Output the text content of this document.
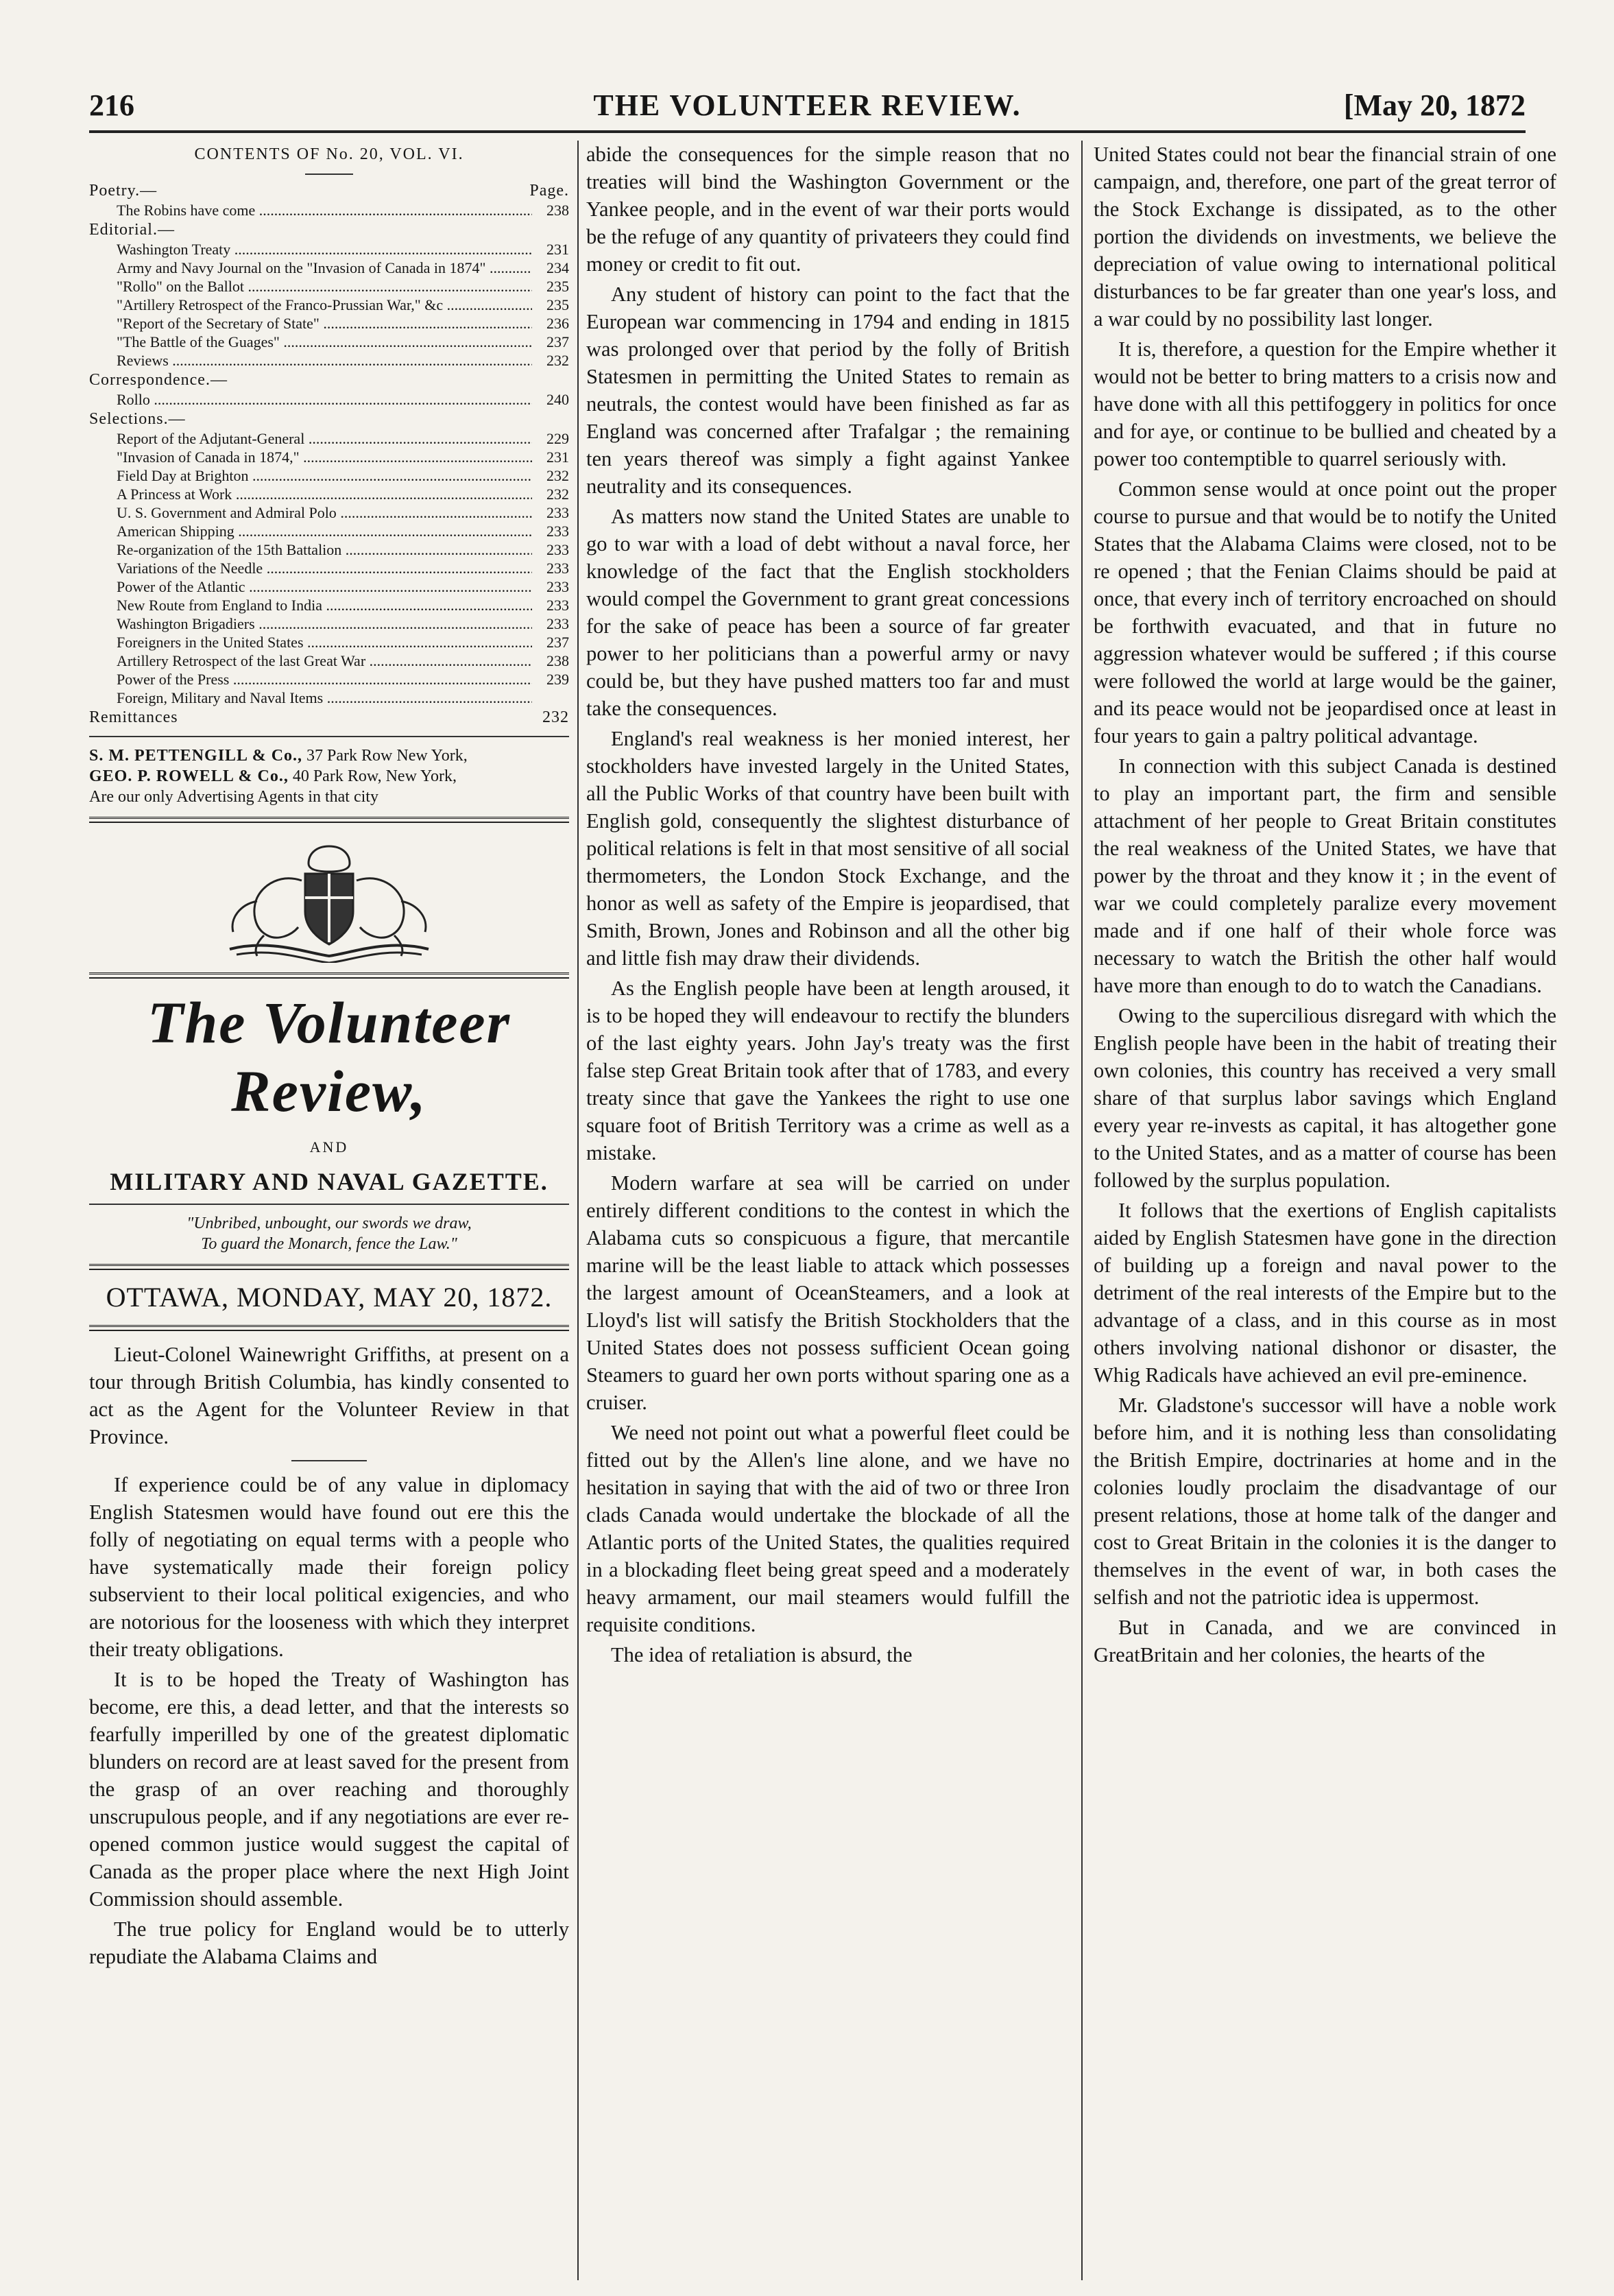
216	THE VOLUNTEER REVIEW.	[May 20, 1872
CONTENTS OF No. 20, VOL. VI.
Poetry.—	Page.
The Robins have come .....	238
Editorial.—
Washington Treaty .....	231
Army and Navy Journal on the "Invasion of Canada in 1874" .....	234
"Rollo" on the Ballot .....	235
"Artillery Retrospect of the Franco-Prussian War," &c .....	235
"Report of the Secretary of State" .....	236
"The Battle of the Guages" .....	237
Reviews .....	232
Correspondence.—
Rollo .....	240
Selections.—
Report of the Adjutant-General .....	229
"Invasion of Canada in 1874," .....	231
Field Day at Brighton .....	232
A Princess at Work .....	232
U. S. Government and Admiral Polo .....	233
American Shipping .....	233
Re-organization of the 15th Battalion .....	233
Variations of the Needle .....	233
Power of the Atlantic .....	233
New Route from England to India .....	233
Washington Brigadiers .....	233
Foreigners in the United States .....	237
Artillery Retrospect of the last Great War .....	238
Power of the Press .....	239
Foreign, Military and Naval Items .....
Remittances	232
S. M. PETTENGILL & Co., 37 Park Row New York,
GEO. P. ROWELL & Co., 40 Park Row, New York,
Are our only Advertising Agents in that city
The Volunteer Review,
AND
MILITARY AND NAVAL GAZETTE.
"Unbribed, unbought, our swords we draw,
To guard the Monarch, fence the Law."
OTTAWA, MONDAY, MAY 20, 1872.

Lieut-Colonel Wainewright Griffiths, at present on a tour through British Columbia, has kindly consented to act as the Agent for the Volunteer Review in that Province.

If experience could be of any value in diplomacy English Statesmen would have found out ere this the folly of negotiating on equal terms with a people who have systematically made their foreign policy subservient to their local political exigencies, and who are notorious for the looseness with which they interpret their treaty obligations.

It is to be hoped the Treaty of Washington has become, ere this, a dead letter, and that the interests so fearfully imperilled by one of the greatest diplomatic blunders on record are at least saved for the present from the grasp of an over reaching and thoroughly unscrupulous people, and if any negotiations are ever re-opened common justice would suggest the capital of Canada as the proper place where the next High Joint Commission should assemble.

The true policy for England would be to utterly repudiate the Alabama Claims and

abide the consequences for the simple reason that no treaties will bind the Washington Government or the Yankee people, and in the event of war their ports would be the refuge of any quantity of privateers they could find money or credit to fit out.

Any student of history can point to the fact that the European war commencing in 1794 and ending in 1815 was prolonged over that period by the folly of British Statesmen in permitting the United States to remain as neutrals, the contest would have been finished as far as England was concerned after Trafalgar ; the remaining ten years thereof was simply a fight against Yankee neutrality and its consequences.

As matters now stand the United States are unable to go to war with a load of debt without a naval force, her knowledge of the fact that the English stockholders would compel the Government to grant great concessions for the sake of peace has been a source of far greater power to her politicians than a powerful army or navy could be, but they have pushed matters too far and must take the consequences.

England's real weakness is her monied interest, her stockholders have invested largely in the United States, all the Public Works of that country have been built with English gold, consequently the slightest disturbance of political relations is felt in that most sensitive of all social thermometers, the London Stock Exchange, and the honor as well as safety of the Empire is jeopardised, that Smith, Brown, Jones and Robinson and all the other big and little fish may draw their dividends.

As the English people have been at length aroused, it is to be hoped they will endeavour to rectify the blunders of the last eighty years. John Jay's treaty was the first false step Great Britain took after that of 1783, and every treaty since that gave the Yankees the right to use one square foot of British Territory was a crime as well as a mistake.

Modern warfare at sea will be carried on under entirely different conditions to the contest in which the Alabama cuts so conspicuous a figure, that mercantile marine will be the least liable to attack which possesses the largest amount of OceanSteamers, and a look at Lloyd's list will satisfy the British Stockholders that the United States does not possess sufficient Ocean going Steamers to guard her own ports without sparing one as a cruiser.

We need not point out what a powerful fleet could be fitted out by the Allen's line alone, and we have no hesitation in saying that with the aid of two or three Iron clads Canada would undertake the blockade of all the Atlantic ports of the United States, the qualities required in a blockading fleet being great speed and a moderately heavy armament, our mail steamers would fulfill the requisite conditions.

The idea of retaliation is absurd, the

United States could not bear the financial strain of one campaign, and, therefore, one part of the great terror of the Stock Exchange is dissipated, as to the other portion the dividends on investments, we believe the depreciation of value owing to international political disturbances to be far greater than one year's loss, and a war could by no possibility last longer.

It is, therefore, a question for the Empire whether it would not be better to bring matters to a crisis now and have done with all this pettifoggery in politics for once and for aye, or continue to be bullied and cheated by a power too contemptible to quarrel seriously with.

Common sense would at once point out the proper course to pursue and that would be to notify the United States that the Alabama Claims were closed, not to be re opened ; that the Fenian Claims should be paid at once, that every inch of territory encroached on should be forthwith evacuated, and that in future no aggression whatever would be suffered ; if this course were followed the world at large would be the gainer, and its peace would not be jeopardised once at least in four years to gain a paltry political advantage.

In connection with this subject Canada is destined to play an important part, the firm and sensible attachment of her people to Great Britain constitutes the real weakness of the United States, we have that power by the throat and they know it ; in the event of war we could completely paralize every movement made and if one half of their whole force was necessary to watch the British the other half would have more than enough to do to watch the Canadians.

Owing to the supercilious disregard with which the English people have been in the habit of treating their own colonies, this country has received a very small share of that surplus labor savings which England every year re-invests as capital, it has altogether gone to the United States, and as a matter of course has been followed by the surplus population.

It follows that the exertions of English capitalists aided by English Statesmen have gone in the direction of building up a foreign and naval power to the detriment of the real interests of the Empire but to the advantage of a class, and in this course as in most others involving national dishonor or disaster, the Whig Radicals have achieved an evil pre-eminence.

Mr. Gladstone's successor will have a noble work before him, and it is nothing less than consolidating the British Empire, doctrinaries at home and in the colonies loudly proclaim the disadvantage of our present relations, those at home talk of the danger and cost to Great Britain in the colonies it is the danger to themselves in the event of war, in both cases the selfish and not the patriotic idea is uppermost.

But in Canada, and we are convinced in GreatBritain and her colonies, the hearts of the
